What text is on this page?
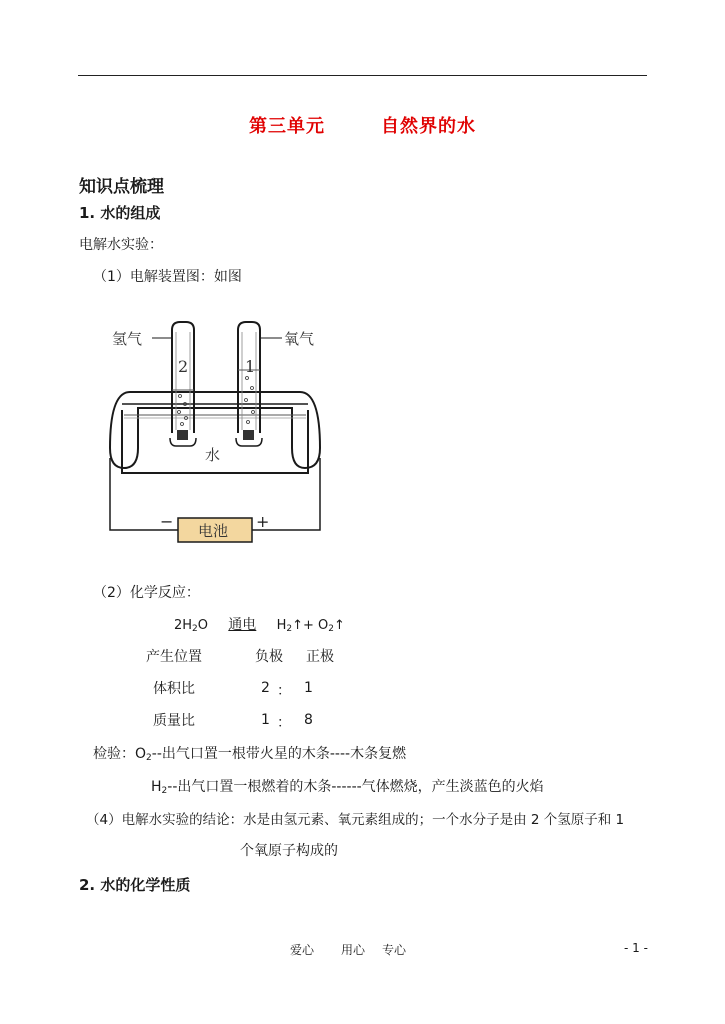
第三单元	自然界的水
知识点梳理
1. 水的组成
电解水实验：
（1）电解装置图：如图
氢气	氧气
2	1
水
电池
−	+
（2）化学反应：
$2H_2O$ 通电 $H_2↑+$ $O_2↑$
产生位置	负极 正极
体积比	2 ： 1
质量比	1 ： 8
检验：$O_2--$出气口置一根带火星的木条----木条复燃
$H_2--$出气口置一根燃着的木条------气体燃烧，产生淡蓝色的火焰
（4）电解水实验的结论：水是由氢元素、氧元素组成的；一个水分子是由 2 个氢原子和 1
个氧原子构成的
2. 水的化学性质
爱心 用心 专心	- 1 -
